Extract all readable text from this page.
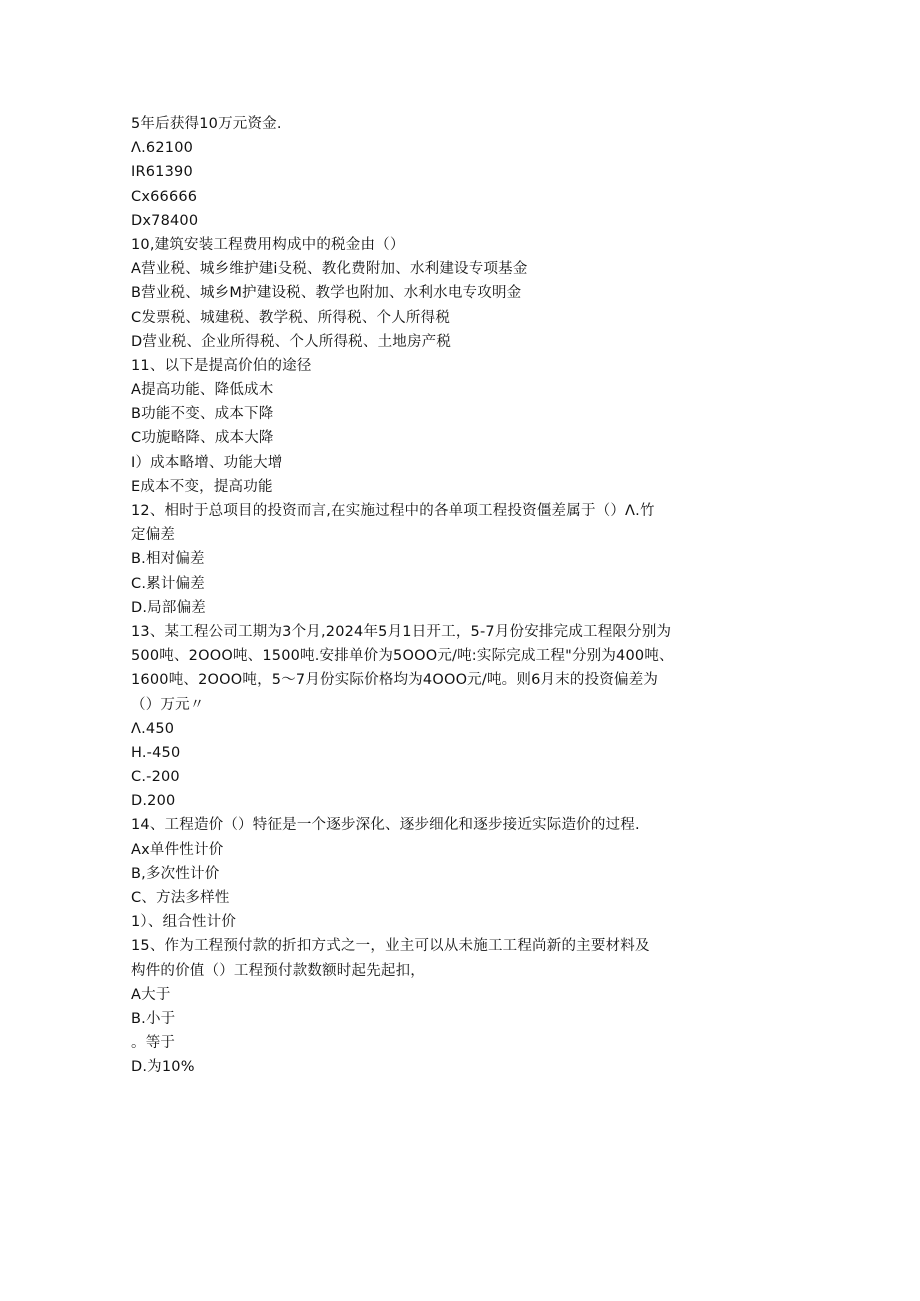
5年后获得10万元资金.
Λ.62100
IR61390
Cx66666
Dx78400
10,建筑安装工程费用构成中的税金由（）
A营业税、城乡维护建i殳税、教化费附加、水利建设专项基金
B营业税、城乡M护建设税、教学也附加、水利水电专攻明金
C发票税、城建税、教学税、所得税、个人所得税
D营业税、企业所得税、个人所得税、土地房产税
11、以下是提高价伯的途径
A提高功能、降低成木
B功能不变、成本下降
C功旎略降、成本大降
I）成本略增、功能大增
E成本不变，提高功能
12、相时于总项目的投资而言,在实施过程中的各单项工程投资僵差属于（）Λ.竹
定偏差
B.相对偏差
C.累计偏差
D.局部偏差
13、某工程公司工期为3个月,2024年5月1日开工，5-7月份安排完成工程限分别为
500吨、2OOO吨、1500吨.安排单价为5OOO元/吨:实际完成工程"分别为400吨、
1600吨、2OOO吨，5〜7月份实际价格均为4OOO元/吨。则6月末的投资偏差为
（）万元〃
Λ.450
H.-450
C.-200
D.200
14、工程造价（）特征是一个逐步深化、逐步细化和逐步接近实际造价的过程.
Ax单件性计价
B,多次性计价
C、方法多样性
1）、组合性计价
15、作为工程预付款的折扣方式之一，业主可以从未施工工程尚新的主要材料及
构件的价值（）工程预付款数额时起先起扣，
A大于
B.小于
。等于
D.为10%
